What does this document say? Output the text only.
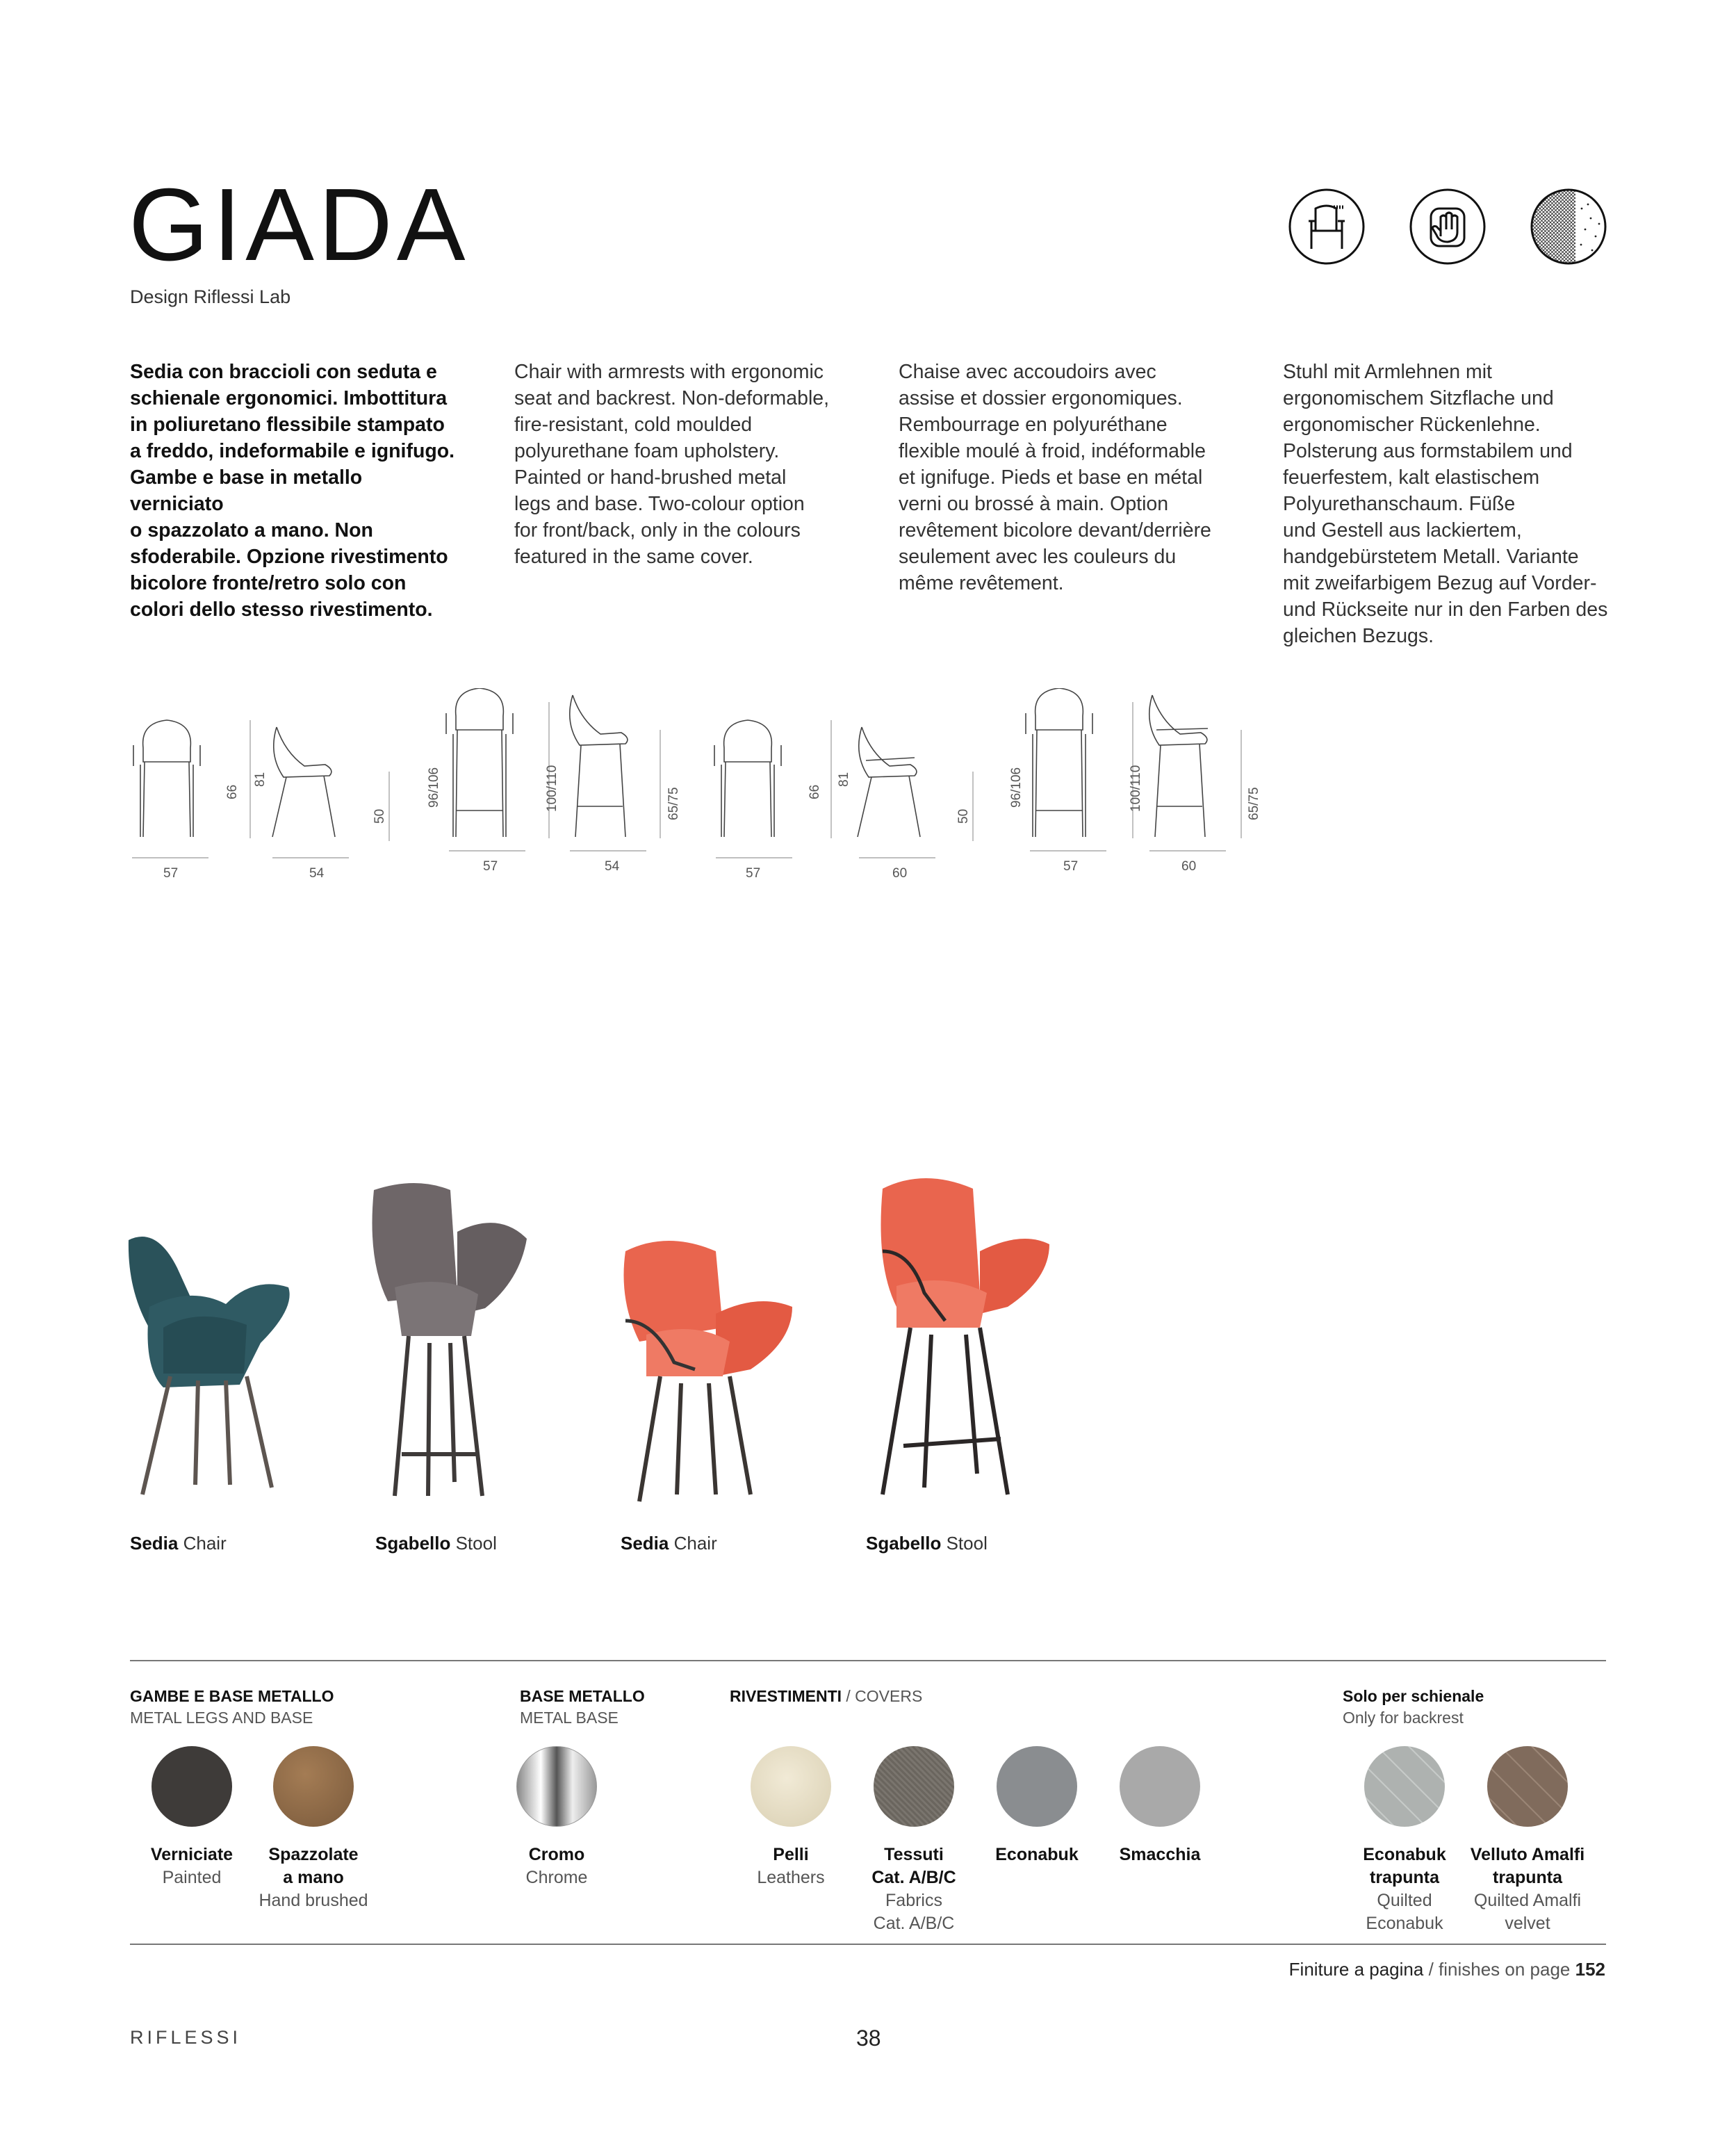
GIADA
Design Riflessi Lab
Sedia con braccioli con seduta e
schienale ergonomici. Imbottitura
in poliuretano flessibile stampato
a freddo, indeformabile e ignifugo.
Gambe e base in metallo verniciato
o spazzolato a mano. Non
sfoderabile. Opzione rivestimento
bicolore fronte/retro solo con
colori dello stesso rivestimento.
Chair with armrests with ergonomic
seat and backrest. Non-deformable,
fire-resistant, cold moulded
polyurethane foam upholstery.
Painted or hand-brushed metal
legs and base. Two-colour option
for front/back, only in the colours
featured in the same cover.
Chaise avec accoudoirs avec
assise et dossier ergonomiques.
Rembourrage en polyuréthane
flexible moulé à froid, indéformable
et ignifuge. Pieds et base en métal
verni ou brossé à main. Option
revêtement bicolore devant/derrière
seulement avec les couleurs du
même revêtement.
Stuhl mit Armlehnen mit
ergonomischem Sitzflache und
ergonomischer Rückenlehne.
Polsterung aus formstabilem und
feuerfestem, kalt elastischem
Polyurethanschaum. Füße
und Gestell aus lackiertem,
handgebürstetem Metall. Variante
mit zweifarbigem Bezug auf Vorder-
und Rückseite nur in den Farben des
gleichen Bezugs.
57	54
66
81
50
57	54
96/106	100/110	65/75
57	60
66
81
50
57	60
96/106	100/110	65/75
Sedia Chair	Sgabello Stool	Sedia Chair	Sgabello Stool
GAMBE E BASE METALLO
METAL LEGS AND BASE
BASE METALLO
METAL BASE
RIVESTIMENTI / COVERS	Solo per schienale
Only for backrest
Verniciate
Painted
Spazzolate
a mano
Hand brushed
Cromo
Chrome
Pelli
Leathers
Tessuti
Cat. A/B/C
Fabrics
Cat. A/B/C
Econabuk	Smacchia	Econabuk
trapunta
Quilted
Econabuk
Velluto Amalfi
trapunta
Quilted Amalfi
velvet
Finiture a pagina / finishes on page 152
RIFLESSI	38
